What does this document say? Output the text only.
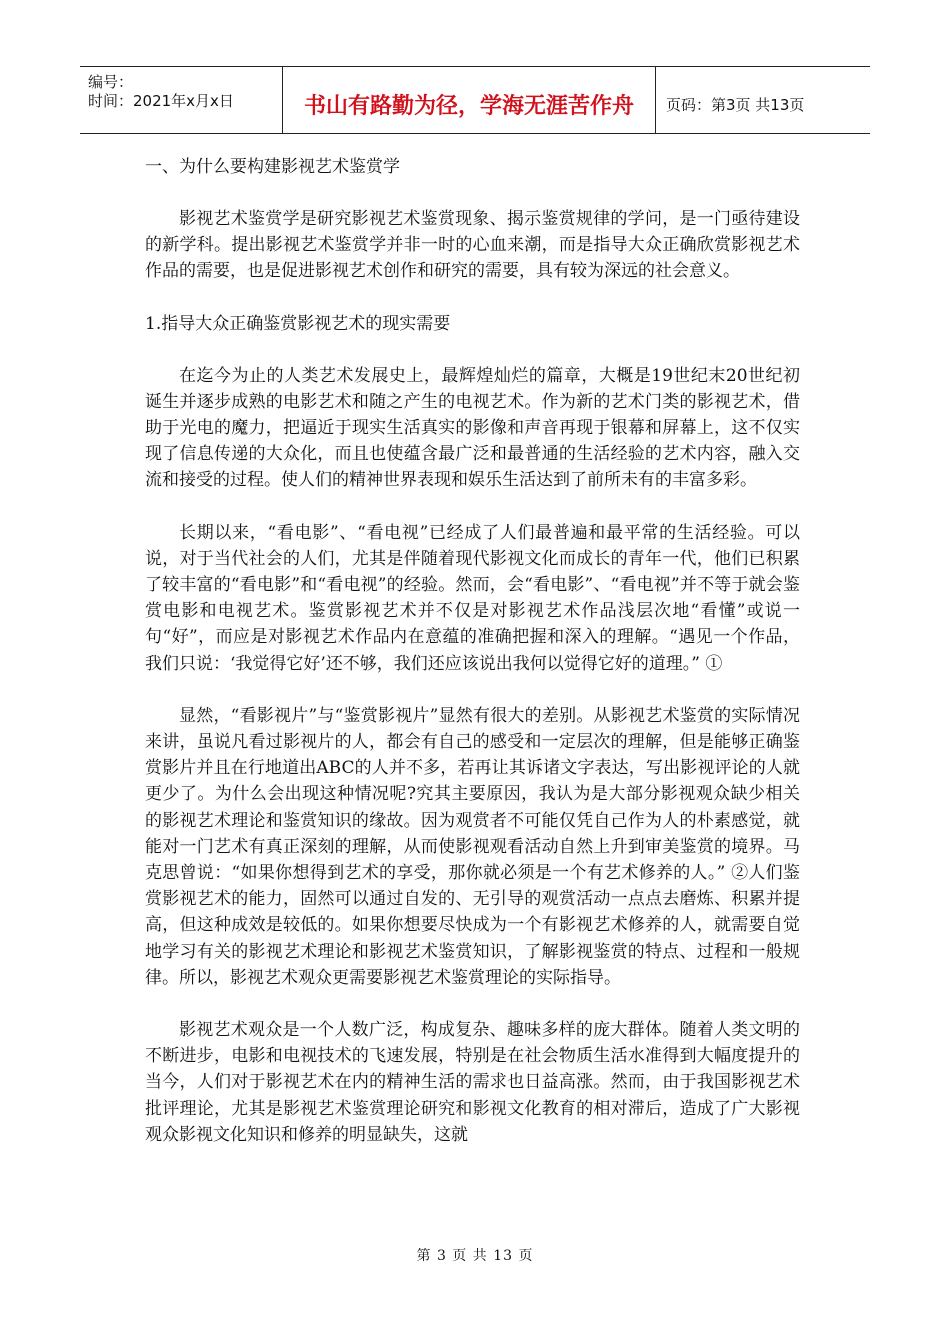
编号：
时间：2021年x月x日	书山有路勤为径，学海无涯苦作舟	页码：第3页 共13页

一、为什么要构建影视艺术鉴赏学

影视艺术鉴赏学是研究影视艺术鉴赏现象、揭示鉴赏规律的学问，是一门亟待建设的新学科。提出影视艺术鉴赏学并非一时的心血来潮，而是指导大众正确欣赏影视艺术作品的需要，也是促进影视艺术创作和研究的需要，具有较为深远的社会意义。

1.指导大众正确鉴赏影视艺术的现实需要

在迄今为止的人类艺术发展史上，最辉煌灿烂的篇章，大概是19世纪末20世纪初诞生并逐步成熟的电影艺术和随之产生的电视艺术。作为新的艺术门类的影视艺术，借助于光电的魔力，把逼近于现实生活真实的影像和声音再现于银幕和屏幕上，这不仅实现了信息传递的大众化，而且也使蕴含最广泛和最普通的生活经验的艺术内容，融入交流和接受的过程。使人们的精神世界表现和娱乐生活达到了前所未有的丰富多彩。

长期以来，“看电影”、“看电视”已经成了人们最普遍和最平常的生活经验。可以说，对于当代社会的人们，尤其是伴随着现代影视文化而成长的青年一代，他们已积累了较丰富的“看电影”和“看电视”的经验。然而，会“看电影”、“看电视”并不等于就会鉴赏电影和电视艺术。鉴赏影视艺术并不仅是对影视艺术作品浅层次地“看懂”或说一句“好”，而应是对影视艺术作品内在意蕴的准确把握和深入的理解。“遇见一个作品，我们只说：‘我觉得它好’还不够，我们还应该说出我何以觉得它好的道理。” ①

显然，“看影视片”与“鉴赏影视片”显然有很大的差别。从影视艺术鉴赏的实际情况来讲，虽说凡看过影视片的人，都会有自己的感受和一定层次的理解，但是能够正确鉴赏影片并且在行地道出ABC的人并不多，若再让其诉诸文字表达，写出影视评论的人就更少了。为什么会出现这种情况呢?究其主要原因，我认为是大部分影视观众缺少相关的影视艺术理论和鉴赏知识的缘故。因为观赏者不可能仅凭自己作为人的朴素感觉，就能对一门艺术有真正深刻的理解，从而使影视观看活动自然上升到审美鉴赏的境界。马克思曾说：“如果你想得到艺术的享受，那你就必须是一个有艺术修养的人。” ②人们鉴赏影视艺术的能力，固然可以通过自发的、无引导的观赏活动一点点去磨炼、积累并提高，但这种成效是较低的。如果你想要尽快成为一个有影视艺术修养的人，就需要自觉地学习有关的影视艺术理论和影视艺术鉴赏知识，了解影视鉴赏的特点、过程和一般规律。所以，影视艺术观众更需要影视艺术鉴赏理论的实际指导。

影视艺术观众是一个人数广泛，构成复杂、趣味多样的庞大群体。随着人类文明的不断进步，电影和电视技术的飞速发展，特别是在社会物质生活水准得到大幅度提升的当今，人们对于影视艺术在内的精神生活的需求也日益高涨。然而，由于我国影视艺术批评理论，尤其是影视艺术鉴赏理论研究和影视文化教育的相对滞后，造成了广大影视观众影视文化知识和修养的明显缺失，这就

第 3 页 共 13 页
